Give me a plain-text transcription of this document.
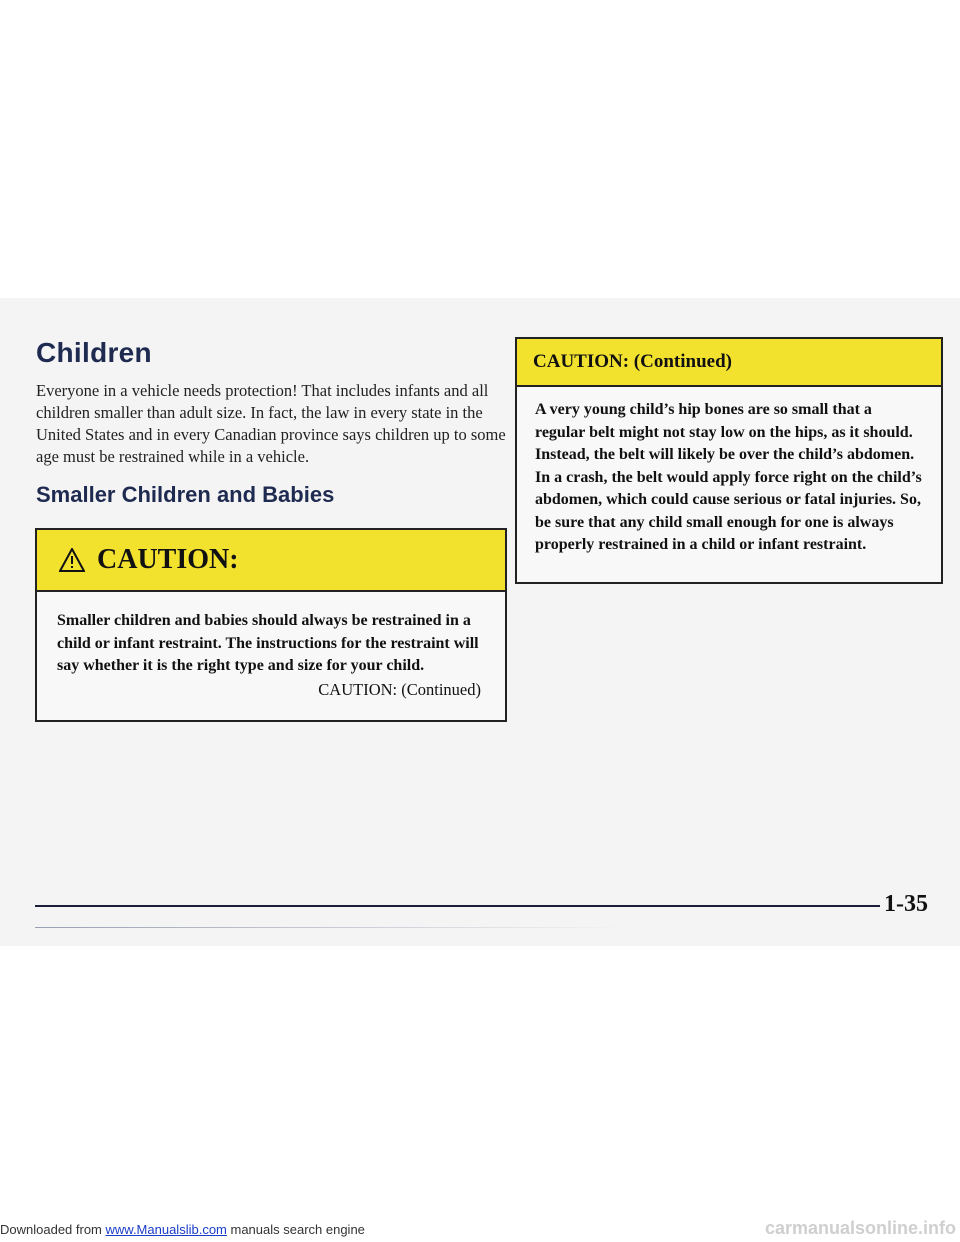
Children
Everyone in a vehicle needs protection! That includes infants and all children smaller than adult size. In fact, the law in every state in the United States and in every Canadian province says children up to some age must be restrained while in a vehicle.
Smaller Children and Babies
CAUTION:
Smaller children and babies should always be restrained in a child or infant restraint. The instructions for the restraint will say whether it is the right type and size for your child.
CAUTION: (Continued)
CAUTION: (Continued)
A very young child’s hip bones are so small that a regular belt might not stay low on the hips, as it should. Instead, the belt will likely be over the child’s abdomen. In a crash, the belt would apply force right on the child’s abdomen, which could cause serious or fatal injuries. So, be sure that any child small enough for one is always properly restrained in a child or infant restraint.
1-35
Downloaded from www.Manualslib.com manuals search engine	carmanualsonline.info
